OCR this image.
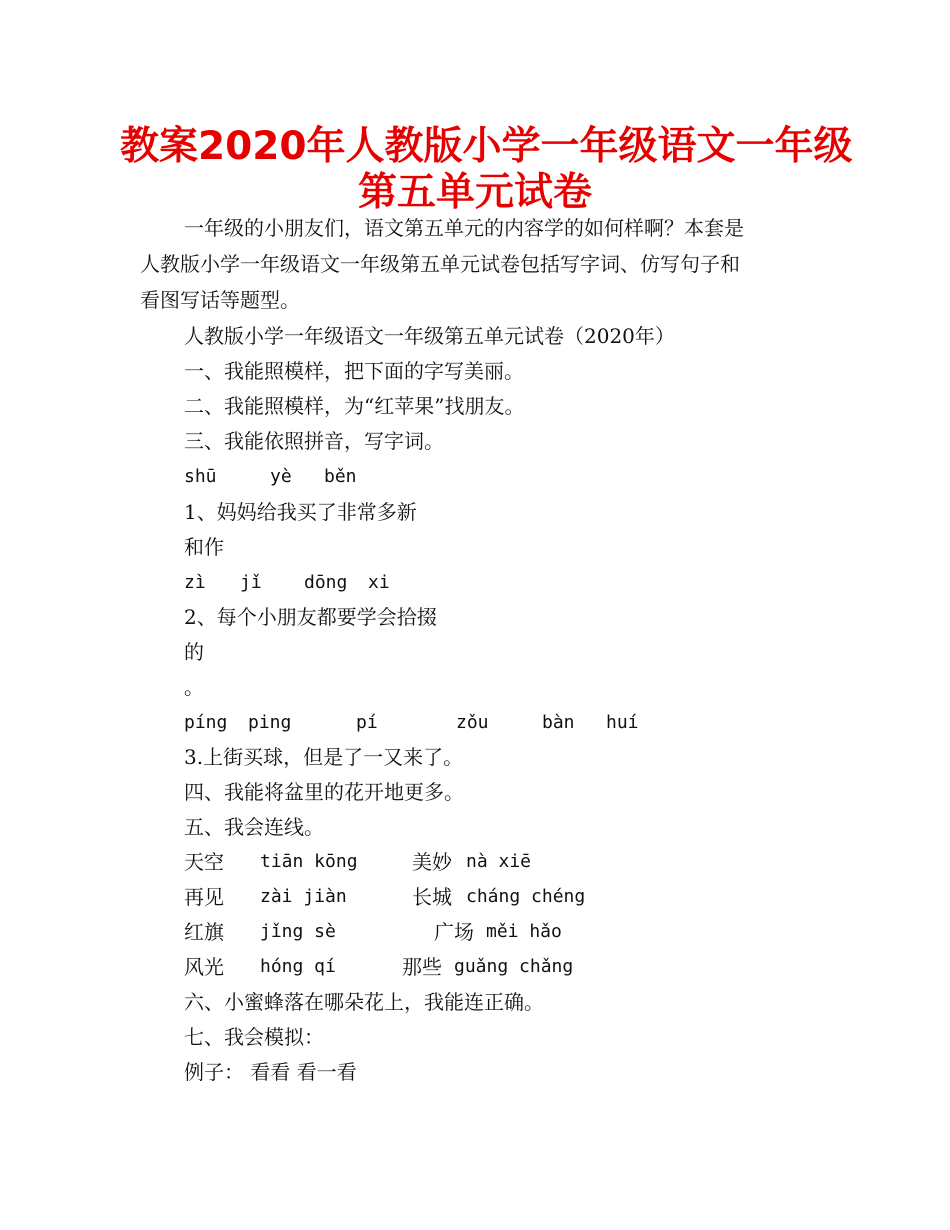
教案2020年人教版小学一年级语文一年级
第五单元试卷
一年级的小朋友们，语文第五单元的内容学的如何样啊？本套是
人教版小学一年级语文一年级第五单元试卷包括写字词、仿写句子和
看图写话等题型。
人教版小学一年级语文一年级第五单元试卷（2020年）
一、我能照模样，把下面的字写美丽。
二、我能照模样，为“红苹果”找朋友。
三、我能依照拼音，写字词。
shū	yè běn
1、妈妈给我买了非常多新
和作
zì jǐ dōng xi
2、每个小朋友都要学会拾掇
的
。
píng ping	pí	zǒu	bàn huí
3.上街买球，但是了一又来了。
四、我能将盆里的花开地更多。
五、我会连线。
天空 tiān kōng	美妙 nà xiē
再见 zài jiàn	长城 cháng chéng
红旗 jǐng sè	广场 měi hǎo
风光 hóng qí	那些 guǎng chǎng
六、小蜜蜂落在哪朵花上，我能连正确。
七、我会模拟：
例子： 看看 看一看
